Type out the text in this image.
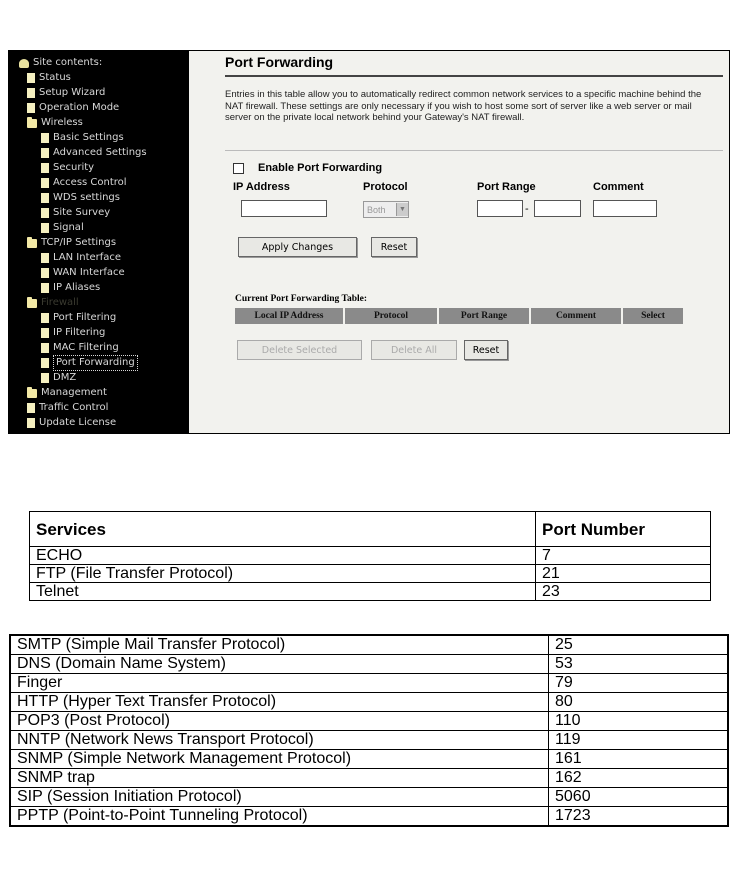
Site contents:
Status
Setup Wizard
Operation Mode
Wireless
Basic Settings
Advanced Settings
Security
Access Control
WDS settings
Site Survey
Signal
TCP/IP Settings
LAN Interface
WAN Interface
IP Aliases
Firewall
Port Filtering
IP Filtering
MAC Filtering
Port Forwarding
DMZ
Management
Traffic Control
Update License
Port Forwarding
Entries in this table allow you to automatically redirect common network services to a specific machine behind the NAT firewall. These settings are only necessary if you wish to host some sort of server like a web server or mail server on the private local network behind your Gateway's NAT firewall.
Enable Port Forwarding
IP Address	Protocol	Port Range	Comment
Both	▼	-
Apply Changes	Reset
Current Port Forwarding Table:
Local IP Address	Protocol	Port Range	Comment	Select
Delete Selected	Delete All	Reset
Services	Port Number
ECHO	7
FTP (File Transfer Protocol)	21
Telnet	23
SMTP (Simple Mail Transfer Protocol)	25
DNS (Domain Name System)	53
Finger	79
HTTP (Hyper Text Transfer Protocol)	80
POP3 (Post Protocol)	110
NNTP (Network News Transport Protocol)	119
SNMP (Simple Network Management Protocol)	161
SNMP trap	162
SIP (Session Initiation Protocol)	5060
PPTP (Point-to-Point Tunneling Protocol)	1723
